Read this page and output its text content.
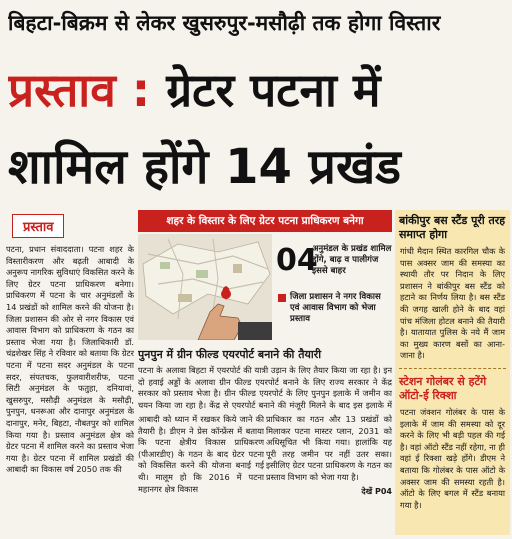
बिहटा-बिक्रम से लेकर खुसरुपुर-मसौढ़ी तक होगा विस्तार
प्रस्ताव : ग्रेटर पटना में
शामिल होंगे 14 प्रखंड
प्रस्ताव
पटना, प्रधान संवाददाता। पटना शहर के विस्तारीकरण और बढ़ती आबादी के अनुरूप नागरिक सुविधाएं विकसित करने के लिए ग्रेटर पटना प्राधिकरण बनेगा। प्राधिकरण में पटना के चार अनुमंडलों के 14 प्रखंडों को शामिल करने की योजना है। जिला प्रशासन की ओर से नगर विकास एवं आवास विभाग को प्राधिकरण के गठन का प्रस्ताव भेजा गया है। जिलाधिकारी डॉ. चंद्रशेखर सिंह ने रविवार को बताया कि ग्रेटर पटना में पटना सदर अनुमंडल के पटना सदर, संपतचक, फुलवारीशरीफ, पटना सिटी अनुमंडल के फतुहा, दनियावां, खुसरुपुर, मसौढ़ी अनुमंडल के मसौढ़ी, पुनपुन, धनरूआ और दानापुर अनुमंडल के दानापुर, मनेर, बिहटा, नौबतपुर को शामिल किया गया है। प्रस्ताव अनुमंडल क्षेत्र को ग्रेटर पटना में शामिल करने का प्रस्ताव भेजा गया है। ग्रेटर पटना में शामिल प्रखंडों की आबादी का विकास वर्ष 2050 तक की
शहर के विस्तार के लिए ग्रेटर पटना प्राधिकरण बनेगा
04
अनुमंडल के प्रखंड शामिल होंगे, बाढ़ व पालीगंज इससे बाहर
जिला प्रशासन ने नगर विकास एवं आवास विभाग को भेजा प्रस्ताव
पुनपुन में ग्रीन फील्ड एयरपोर्ट बनाने की तैयारी
पटना के अलावा बिहटा में एयरपोर्ट की यात्री उड़ान के लिए तैयार किया जा रहा है। इन दो हवाई अड्डों के अलावा ग्रीन फील्ड एयरपोर्ट बनाने के लिए राज्य सरकार ने केंद्र सरकार को प्रस्ताव भेजा है। ग्रीन फील्ड एयरपोर्ट के लिए पुनपुन इलाके में जमीन का चयन किया जा रहा है। केंद्र से एयरपोर्ट बनाने की मंजूरी मिलने के बाद इस इलाके में
आबादी को ध्यान में रखकर किये जाने की तैयारी है। डीएम ने प्रेस कॉन्फ्रेंस में बताया कि पटना क्षेत्रीय विकास प्राधिकरण (पीआरडीए) के गठन के बाद ग्रेटर पटना को विकसित करने की योजना बनाई गई थी। मालूम हो कि 2016 में पटना महानगर क्षेत्र विकास
प्राधिकार का गठन और 13 प्रखंडों को मिलाकर पटना मास्टर प्लान, 2031 को अधिसूचित भी किया गया। हालांकि यह पूरी तरह जमीन पर नहीं उतर सका। इसीलिए ग्रेटर पटना प्राधिकरण के गठन का प्रस्ताव विभाग को भेजा गया है।
देखें P04
बांकीपुर बस स्टैंड पूरी तरह समाप्त होगा
गांधी मैदान स्थित कारगिल चौक के पास अक्सर जाम की समस्या का स्थायी तौर पर निदान के लिए प्रशासन ने बांकीपुर बस स्टैंड को हटाने का निर्णय लिया है। बस स्टैंड की जगह खाली होने के बाद वहां पांच मंजिला होटल बनाने की तैयारी है। यातायात पुलिस के नये मैं जाम का मुख्य कारण बसों का आना-जाना है।
स्टेशन गोलंबर से हटेंगे ऑटो-ई रिक्शा
पटना जंक्शन गोलंबर के पास के इलाके में जाम की समस्या को दूर करने के लिए भी बड़ी पहल की गई है। वहां ऑटो स्टैंड नहीं रहेगा, ना ही वहां ई रिक्शा खड़े होंगे। डीएम ने बताया कि गोलंबर के पास ऑटो के अक्सर जाम की समस्या रहती है। ऑटो के लिए बगल में स्टैंड बनाया गया है।
